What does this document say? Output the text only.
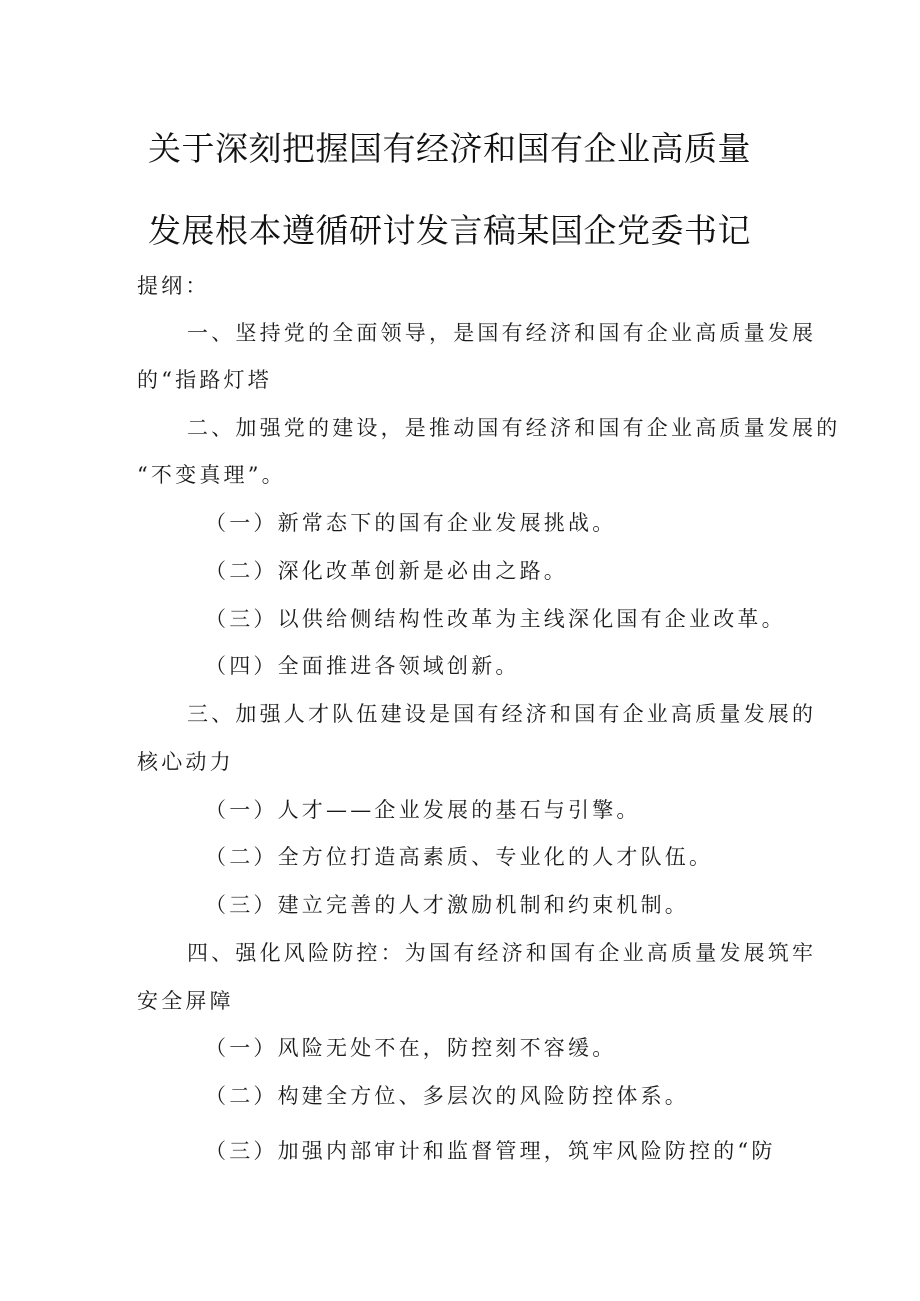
关于深刻把握国有经济和国有企业高质量
发展根本遵循研讨发言稿某国企党委书记
提纲：
一、坚持党的全面领导，是国有经济和国有企业高质量发展
的“指路灯塔
二、加强党的建设，是推动国有经济和国有企业高质量发展的
“不变真理”。
（一）新常态下的国有企业发展挑战。
（二）深化改革创新是必由之路。
（三）以供给侧结构性改革为主线深化国有企业改革。
（四）全面推进各领域创新。
三、加强人才队伍建设是国有经济和国有企业高质量发展的
核心动力
（一）人才——企业发展的基石与引擎。
（二）全方位打造高素质、专业化的人才队伍。
（三）建立完善的人才激励机制和约束机制。
四、强化风险防控：为国有经济和国有企业高质量发展筑牢
安全屏障
（一）风险无处不在，防控刻不容缓。
（二）构建全方位、多层次的风险防控体系。
（三）加强内部审计和监督管理，筑牢风险防控的“防
